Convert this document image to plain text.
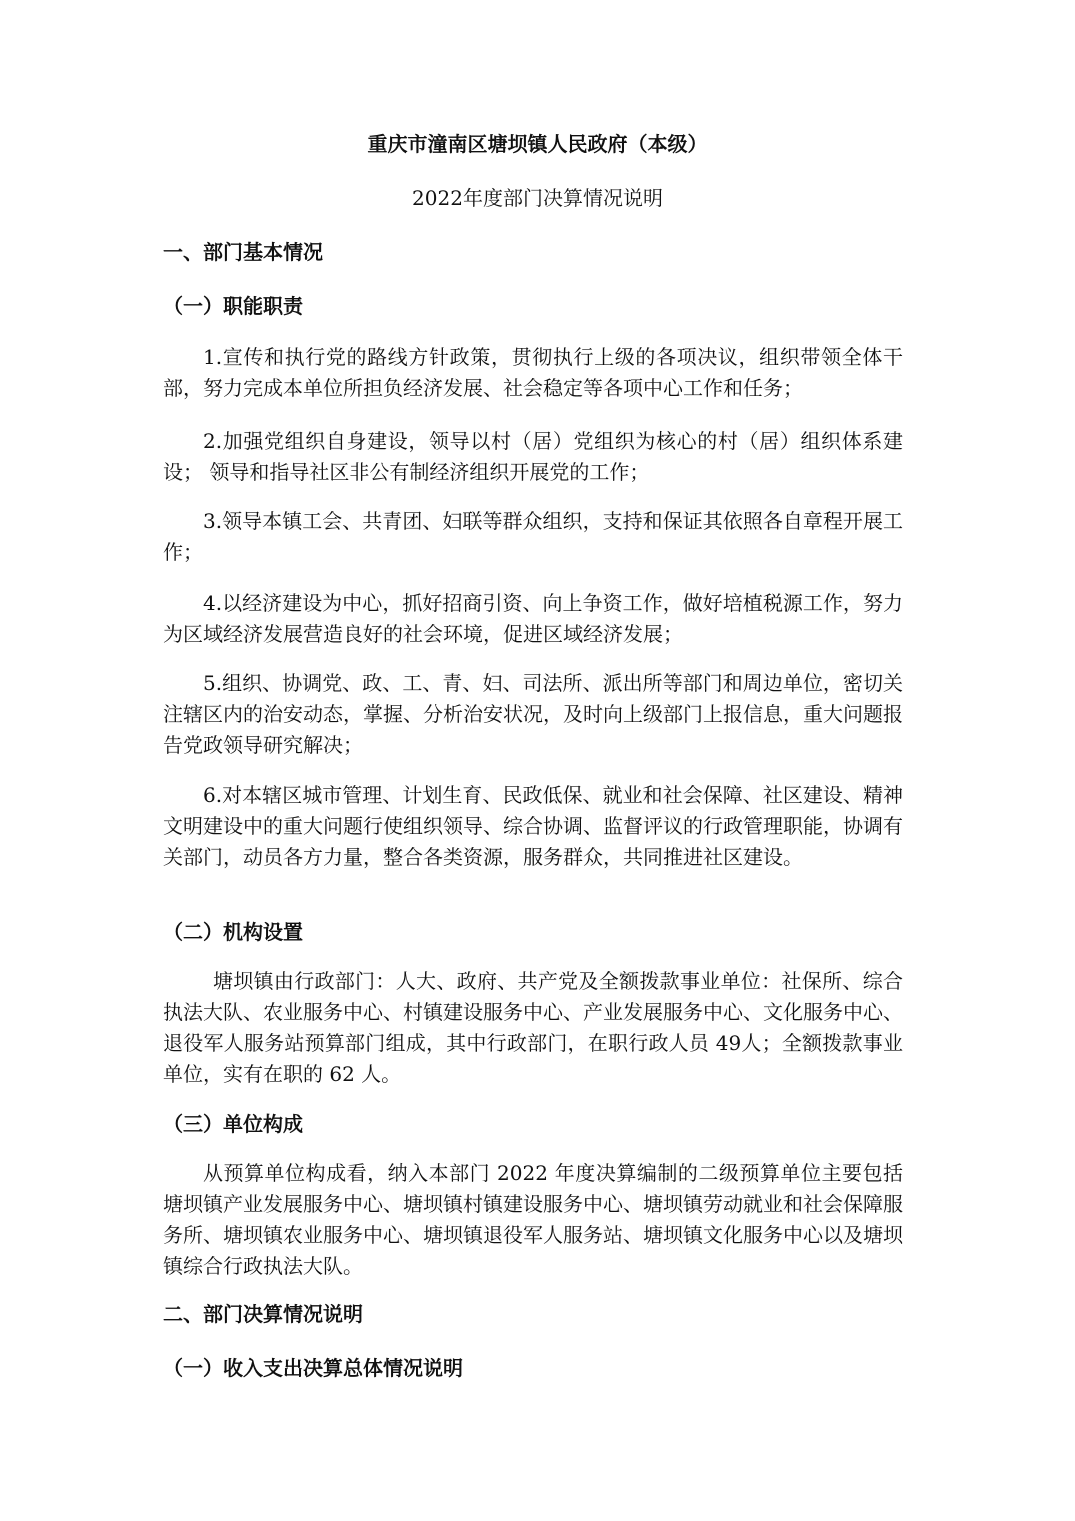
重庆市潼南区塘坝镇人民政府（本级）
2022年度部门决算情况说明
一、部门基本情况
（一）职能职责
1.宣传和执行党的路线方针政策，贯彻执行上级的各项决议，组织带领全体干部，努力完成本单位所担负经济发展、社会稳定等各项中心工作和任务；
2.加强党组织自身建设，领导以村（居）党组织为核心的村（居）组织体系建设； 领导和指导社区非公有制经济组织开展党的工作；
3.领导本镇工会、共青团、妇联等群众组织，支持和保证其依照各自章程开展工作；
4.以经济建设为中心，抓好招商引资、向上争资工作，做好培植税源工作，努力为区域经济发展营造良好的社会环境，促进区域经济发展；
5.组织、协调党、政、工、青、妇、司法所、派出所等部门和周边单位，密切关注辖区内的治安动态，掌握、分析治安状况，及时向上级部门上报信息，重大问题报告党政领导研究解决；
6.对本辖区城市管理、计划生育、民政低保、就业和社会保障、社区建设、精神文明建设中的重大问题行使组织领导、综合协调、监督评议的行政管理职能，协调有关部门，动员各方力量，整合各类资源，服务群众，共同推进社区建设。
（二）机构设置
塘坝镇由行政部门：人大、政府、共产党及全额拨款事业单位：社保所、综合执法大队、农业服务中心、村镇建设服务中心、产业发展服务中心、文化服务中心、退役军人服务站预算部门组成，其中行政部门，在职行政人员 49人；全额拨款事业单位，实有在职的 62 人。
（三）单位构成
从预算单位构成看，纳入本部门 2022 年度决算编制的二级预算单位主要包括塘坝镇产业发展服务中心、塘坝镇村镇建设服务中心、塘坝镇劳动就业和社会保障服务所、塘坝镇农业服务中心、塘坝镇退役军人服务站、塘坝镇文化服务中心以及塘坝镇综合行政执法大队。
二、部门决算情况说明
（一）收入支出决算总体情况说明
